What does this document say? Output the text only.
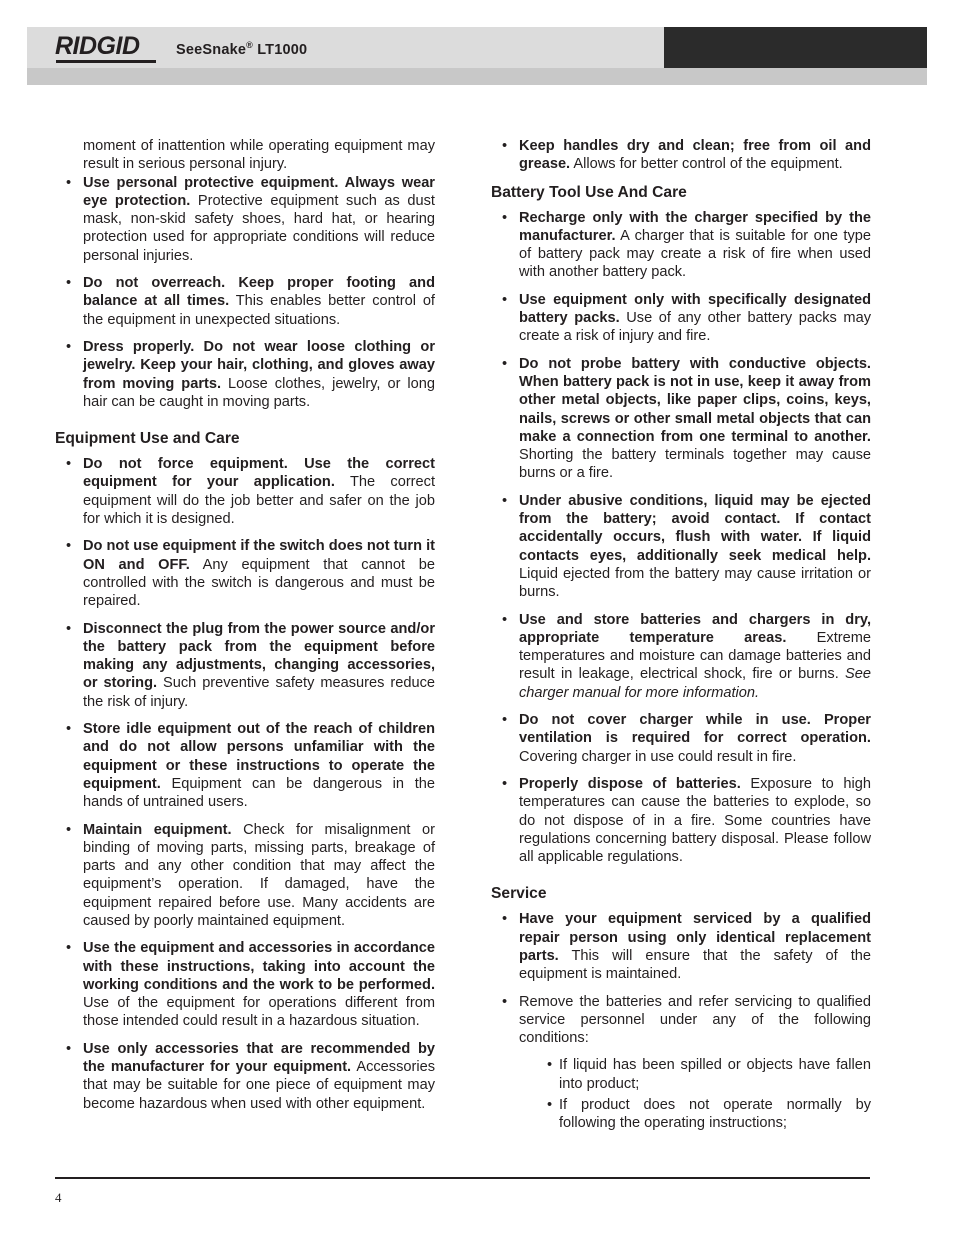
RIDGID	SeeSnake® LT1000

moment of inattention while operating equipment may result in serious personal injury.

• Use personal protective equipment. Always wear eye protection. Protective equipment such as dust mask, non-skid safety shoes, hard hat, or hearing protection used for appropriate conditions will reduce personal injuries.
• Do not overreach. Keep proper footing and balance at all times. This enables better control of the equipment in unexpected situations.
• Dress properly. Do not wear loose clothing or jewelry. Keep your hair, clothing, and gloves away from moving parts. Loose clothes, jewelry, or long hair can be caught in moving parts.
Equipment Use and Care
• Do not force equipment. Use the correct equipment for your application. The correct equipment will do the job better and safer on the job for which it is designed.
• Do not use equipment if the switch does not turn it ON and OFF. Any equipment that cannot be controlled with the switch is dangerous and must be repaired.
• Disconnect the plug from the power source and/or the battery pack from the equipment before making any adjustments, changing accessories, or storing. Such preventive safety measures reduce the risk of injury.
• Store idle equipment out of the reach of children and do not allow persons unfamiliar with the equipment or these instructions to operate the equipment. Equipment can be dangerous in the hands of untrained users.
• Maintain equipment. Check for misalignment or binding of moving parts, missing parts, breakage of parts and any other condition that may affect the equipment’s operation. If damaged, have the equipment repaired before use. Many accidents are caused by poorly maintained equipment.
• Use the equipment and accessories in accordance with these instructions, taking into account the working conditions and the work to be performed. Use of the equipment for operations different from those intended could result in a hazardous situation.
• Use only accessories that are recommended by the manufacturer for your equipment. Accessories that may be suitable for one piece of equipment may become hazardous when used with other equipment.
• Keep handles dry and clean; free from oil and grease. Allows for better control of the equipment.
Battery Tool Use And Care
• Recharge only with the charger specified by the manufacturer. A charger that is suitable for one type of battery pack may create a risk of fire when used with another battery pack.
• Use equipment only with specifically designated battery packs. Use of any other battery packs may create a risk of injury and fire.
• Do not probe battery with conductive objects. When battery pack is not in use, keep it away from other metal objects, like paper clips, coins, keys, nails, screws or other small metal objects that can make a connection from one terminal to another. Shorting the battery terminals together may cause burns or a fire.
• Under abusive conditions, liquid may be ejected from the battery; avoid contact. If contact accidentally occurs, flush with water. If liquid contacts eyes, additionally seek medical help. Liquid ejected from the battery may cause irritation or burns.
• Use and store batteries and chargers in dry, appropriate temperature areas. Extreme temperatures and moisture can damage batteries and result in leakage, electrical shock, fire or burns. See charger manual for more information.
• Do not cover charger while in use. Proper ventilation is required for correct operation. Covering charger in use could result in fire.
• Properly dispose of batteries. Exposure to high temperatures can cause the batteries to explode, so do not dispose of in a fire. Some countries have regulations concerning battery disposal. Please follow all applicable regulations.
Service
• Have your equipment serviced by a qualified repair person using only identical replacement parts. This will ensure that the safety of the equipment is maintained.
• Remove the batteries and refer servicing to qualified service personnel under any of the following conditions:
• If liquid has been spilled or objects have fallen into product;
• If product does not operate normally by following the operating instructions;
4
